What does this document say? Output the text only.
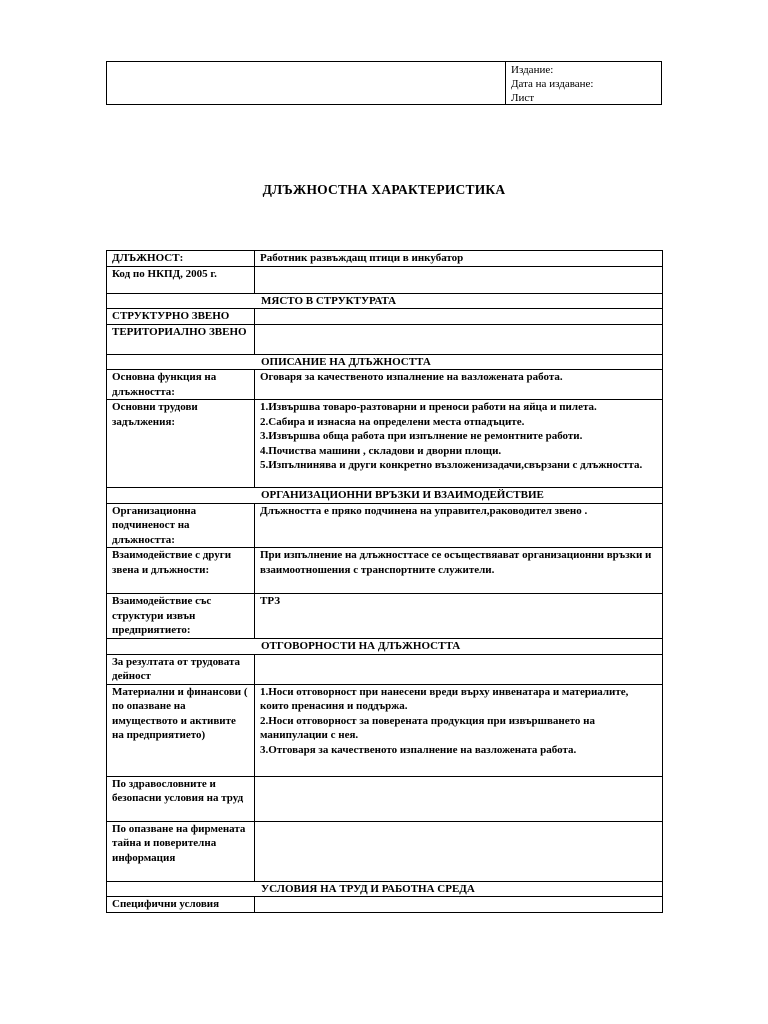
Издание:
Дата на издаване:
Лист
ДЛЪЖНОСТНА ХАРАКТЕРИСТИКА
ДЛЪЖНОСТ:	Работник развъждащ птици в инкубатор
Код по НКПД, 2005 г.	
МЯСТО В СТРУКТУРАТА	
СТРУКТУРНО ЗВЕНО	
ТЕРИТОРИАЛНО ЗВЕНО	
ОПИСАНИЕ НА ДЛЪЖНОСТТА	
Основна функция на длъжността:	Оговаря за качественото изпалнение на вазложената работа.
Основни трудови задължения:	1.Извършва товаро-разтоварни и преноси работи на яйца и пилета.
2.Сабира и изнасяа на определени места отпадъците.
3.Извършва обща работа при изпълнение не ремонтните работи.
4.Почиства машини , складови и дворни площи.
5.Изпълнинява и други конкретно възложенизадачи,свързани с длъжността.

ОРГАНИЗАЦИОННИ ВРЪЗКИ И ВЗАИМОДЕЙСТВИЕ	
Организационна подчиненост на длъжността:	Длъжността е пряко подчинена на управител,раководител звено .
Взаимодействие с други звена и длъжности:	При изпълнение на длъжносттасе се осъществяават организационни връзки и взаимоотношения с транспортните служители.
Взаимодействие със структури извън предприятието:	ТРЗ
ОТГОВОРНОСТИ НА ДЛЪЖНОСТТА	
За резултата от трудовата дейност	
Материални и финансови ( по опазване на имуществото и активите на предприятието)	1.Носи отговорност при нанесени вреди върху инвенатара и материалите, които пренасиня и поддържа.
2.Носи отговорност за поверената продукция при извършването на манипулации с нея.
3.Отговаря за качественото изпалнение на вазложената работа.

По здравословните и безопасни условия на труд	
По опазване на фирмената тайна и поверителна информация	
УСЛОВИЯ НА ТРУД И РАБОТНА СРЕДА	
Специфични условия	
